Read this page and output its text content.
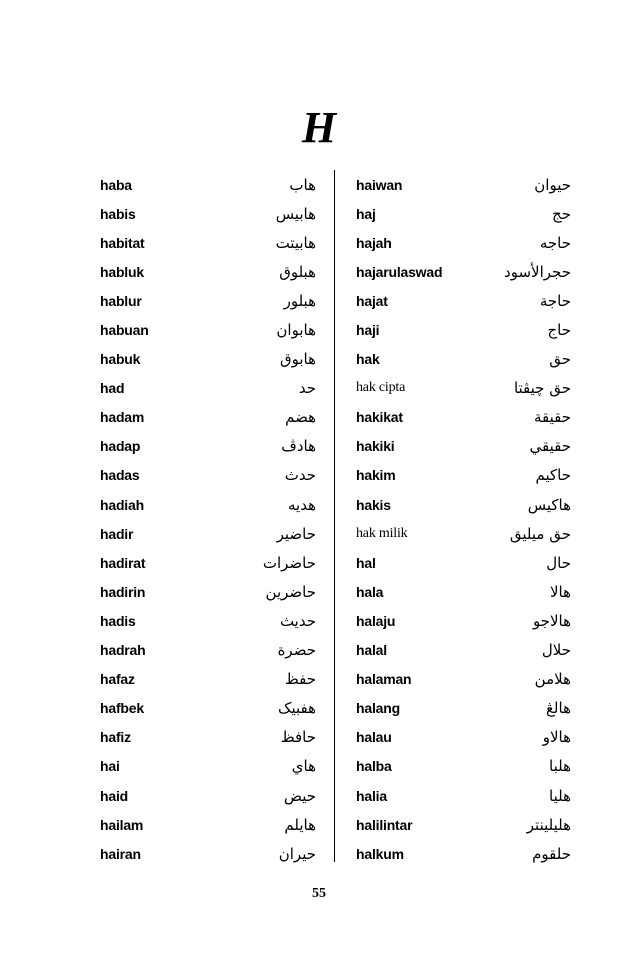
H
haba	هاب
habis	هابيس
habitat	هابيتت
habluk	هبلوق
hablur	هبلور
habuan	هابوان
habuk	هابوق
had	حد
hadam	هضم
hadap	هادڤ
hadas	حدث
hadiah	هديه
hadir	حاضير
hadirat	حاضرات
hadirin	حاضرين
hadis	حديث
hadrah	حضرة
hafaz	حفظ
hafbek	هفبيک
hafiz	حافظ
hai	هاي
haid	حيض
hailam	هايلم
hairan	حيران
haiwan	حيوان
haj	حج
hajah	حاجه
hajarulaswad	حجرالأسود
hajat	حاجة
haji	حاج
hak	حق
hak cipta	حق چيڤتا
hakikat	حقيقة
hakiki	حقيقي
hakim	حاكيم
hakis	هاكيس
hak milik	حق ميليق
hal	حال
hala	هالا
halaju	هالاجو
halal	حلال
halaman	هلامن
halang	هالڠ
halau	هالاو
halba	هلبا
halia	هليا
halilintar	هليلينتر
halkum	حلقوم
55
